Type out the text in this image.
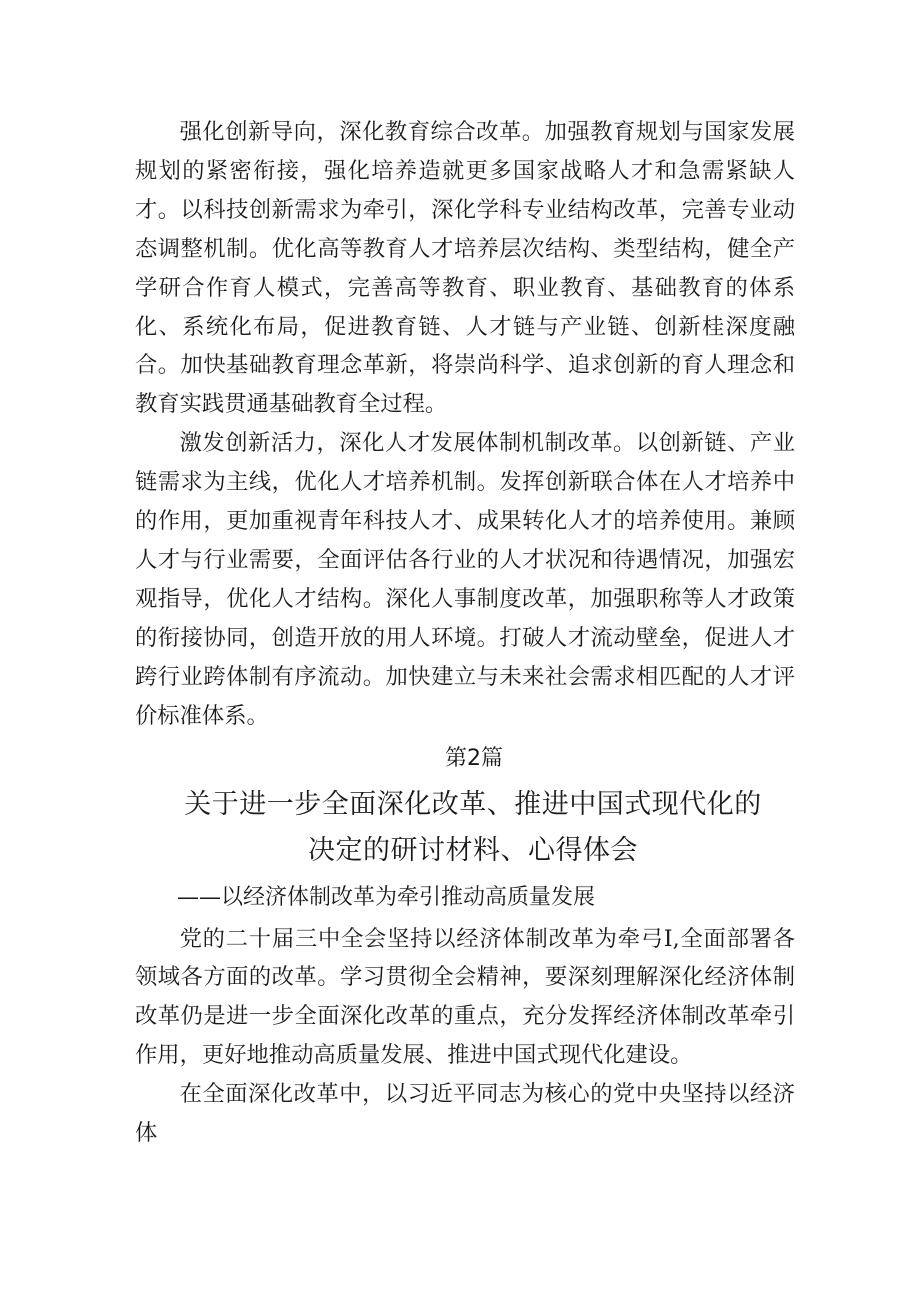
强化创新导向，深化教育综合改革。加强教育规划与国家发展规划的紧密衔接，强化培养造就更多国家战略人才和急需紧缺人才。以科技创新需求为牵引，深化学科专业结构改革，完善专业动态调整机制。优化高等教育人才培养层次结构、类型结构，健全产学研合作育人模式，完善高等教育、职业教育、基础教育的体系化、系统化布局，促进教育链、人才链与产业链、创新桂深度融合。加快基础教育理念革新，将崇尚科学、追求创新的育人理念和教育实践贯通基础教育全过程。

激发创新活力，深化人才发展体制机制改革。以创新链、产业链需求为主线，优化人才培养机制。发挥创新联合体在人才培养中的作用，更加重视青年科技人才、成果转化人才的培养使用。兼顾人才与行业需要，全面评估各行业的人才状况和待遇情况，加强宏观指导，优化人才结构。深化人事制度改革，加强职称等人才政策的衔接协同，创造开放的用人环境。打破人才流动壁垒，促进人才跨行业跨体制有序流动。加快建立与未来社会需求相匹配的人才评价标准体系。

第2篇

关于进一步全面深化改革、推进中国式现代化的

决定的研讨材料、心得体会

——以经济体制改革为牵引推动高质量发展

党的二十届三中全会坚持以经济体制改革为牵弓I,全面部署各领域各方面的改革。学习贯彻全会精神，要深刻理解深化经济体制改革仍是进一步全面深化改革的重点，充分发挥经济体制改革牵引作用，更好地推动高质量发展、推进中国式现代化建设。

在全面深化改革中，以习近平同志为核心的党中央坚持以经济体
